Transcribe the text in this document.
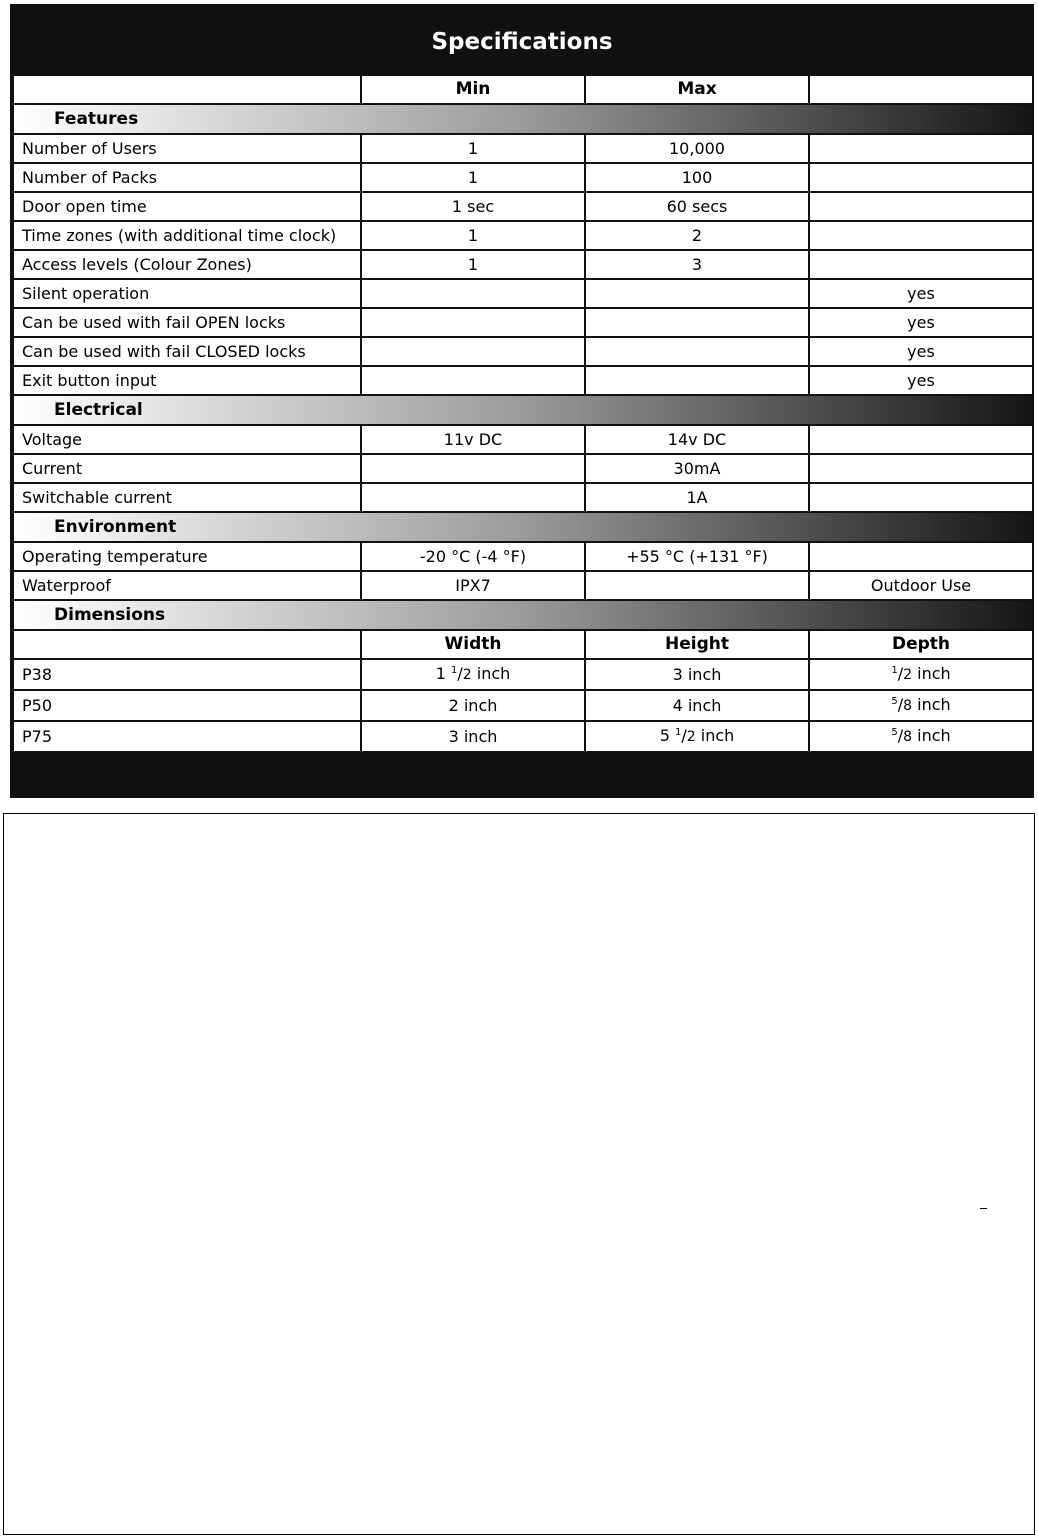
Specifications
	Min	Max	
Features			
Number of Users	1	10,000	
Number of Packs	1	100	
Door open time	1 sec	60 secs	
Time zones (with additional time clock)	1	2	
Access levels (Colour Zones)	1	3	
Silent operation			yes
Can be used with fail OPEN locks			yes
Can be used with fail CLOSED locks			yes
Exit button input			yes
Electrical			
Voltage	11v DC	14v DC	
Current		30mA	
Switchable current		1A	
Environment			
Operating temperature	-20 °C (-4 °F)	+55 °C (+131 °F)	
Waterproof	IPX7		Outdoor Use
Dimensions			
	Width	Height	Depth
P38	1 $^1$/2 inch	3 inch	$^1$/2 inch
P50	2 inch	4 inch	$^5$/8 inch
P75	3 inch	5 $^1$/2 inch	$^5$/8 inch
